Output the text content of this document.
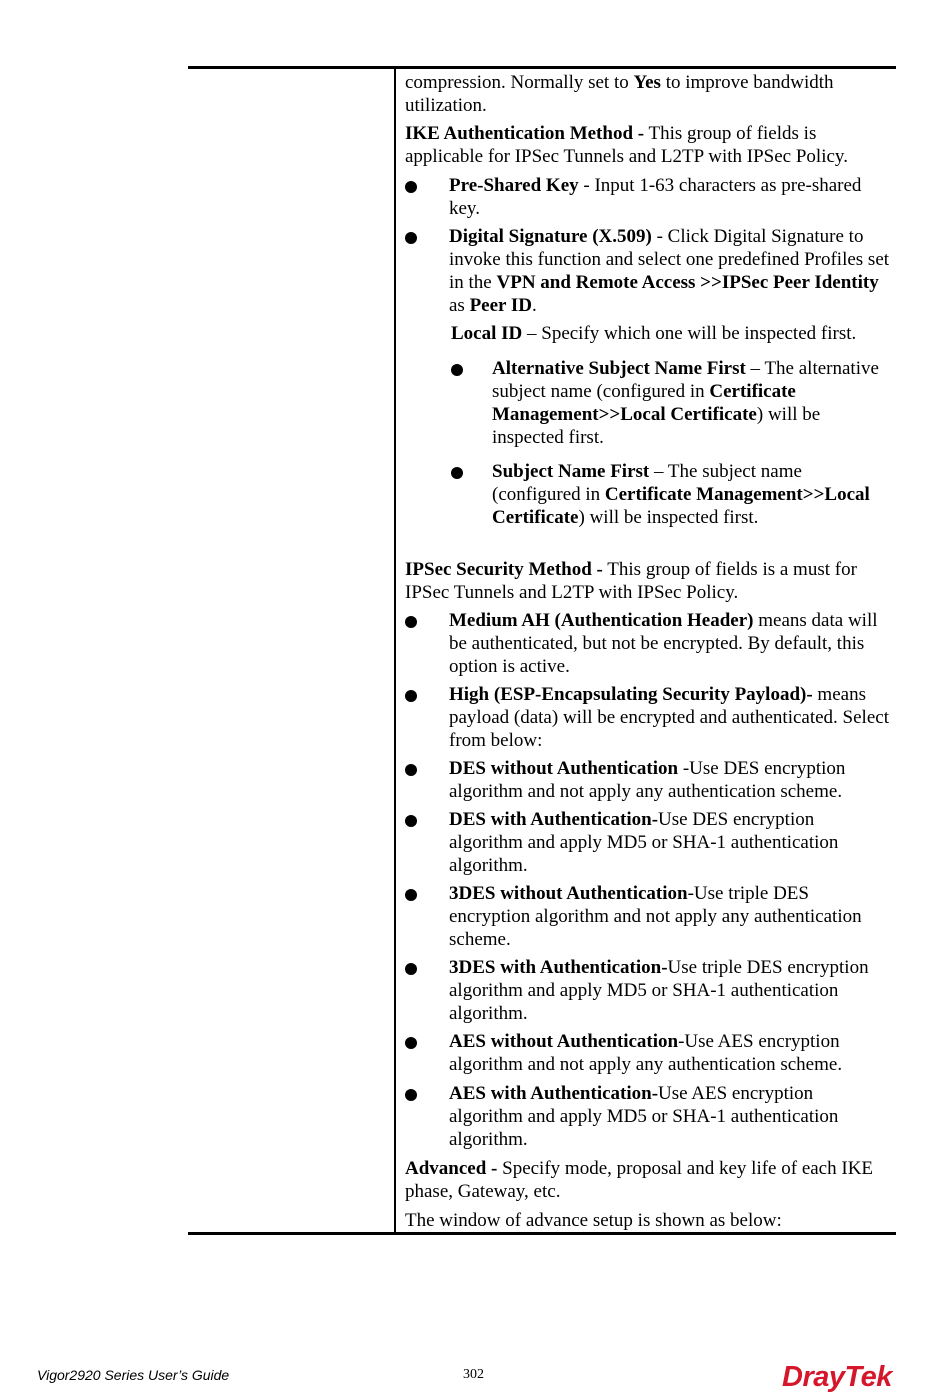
compression. Normally set to Yes to improve bandwidth utilization.

IKE Authentication Method - This group of fields is applicable for IPSec Tunnels and L2TP with IPSec Policy.

Pre-Shared Key - Input 1-63 characters as pre-shared key.

Digital Signature (X.509) - Click Digital Signature to invoke this function and select one predefined Profiles set in the VPN and Remote Access >>IPSec Peer Identity as Peer ID.

Local ID – Specify which one will be inspected first.

Alternative Subject Name First – The alternative subject name (configured in Certificate Management>>Local Certificate) will be inspected first.

Subject Name First – The subject name (configured in Certificate Management>>Local Certificate) will be inspected first.

IPSec Security Method - This group of fields is a must for IPSec Tunnels and L2TP with IPSec Policy.

Medium AH (Authentication Header) means data will be authenticated, but not be encrypted. By default, this option is active.

High (ESP-Encapsulating Security Payload)- means payload (data) will be encrypted and authenticated. Select from below:

DES without Authentication -Use DES encryption algorithm and not apply any authentication scheme.

DES with Authentication-Use DES encryption algorithm and apply MD5 or SHA-1 authentication algorithm.

3DES without Authentication-Use triple DES encryption algorithm and not apply any authentication scheme.

3DES with Authentication-Use triple DES encryption algorithm and apply MD5 or SHA-1 authentication algorithm.

AES without Authentication-Use AES encryption algorithm and not apply any authentication scheme.

AES with Authentication-Use AES encryption algorithm and apply MD5 or SHA-1 authentication algorithm.

Advanced - Specify mode, proposal and key life of each IKE phase, Gateway, etc.

The window of advance setup is shown as below:

Vigor2920 Series User’s Guide	302	DrayTek
